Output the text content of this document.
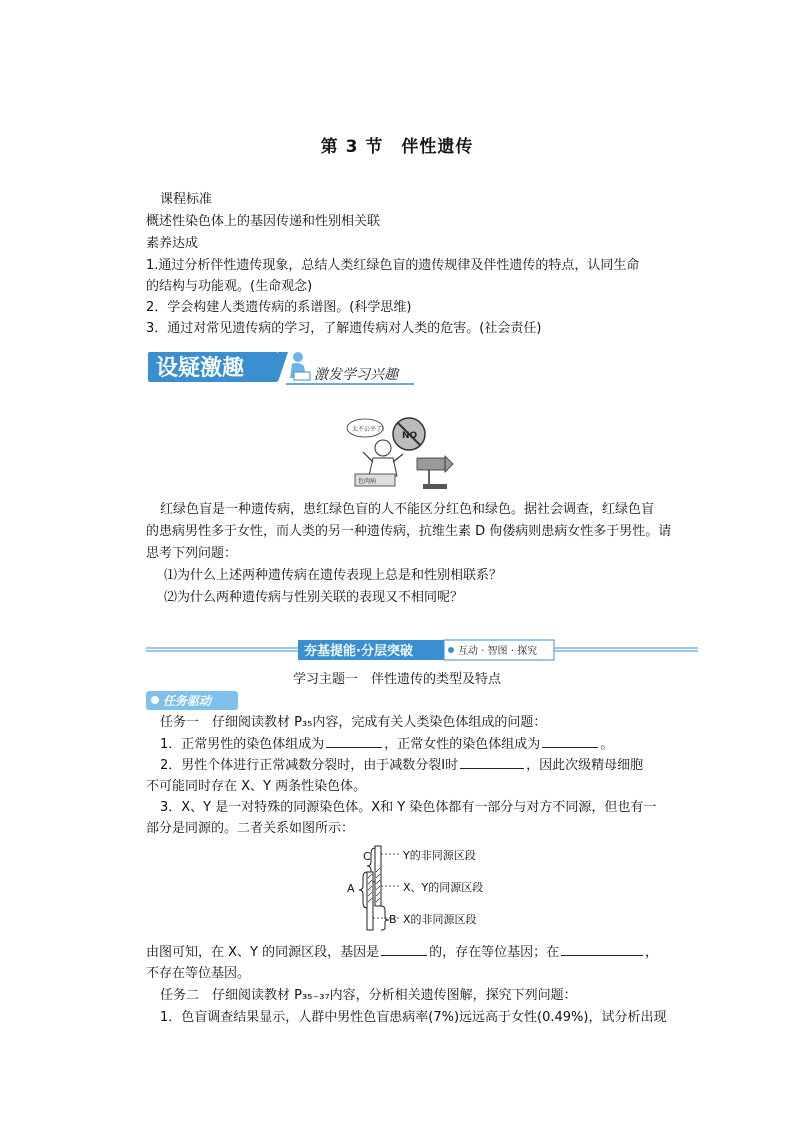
第 3 节　伴性遗传
课程标准
概述性染色体上的基因传递和性别相关联
素养达成
1.通过分析伴性遗传现象，总结人类红绿色盲的遗传规律及伴性遗传的特点，认同生命
的结构与功能观。(生命观念)
2．学会构建人类遗传病的系谱图。(科学思维)
3．通过对常见遗传病的学习，了解遗传病对人类的危害。(社会责任)
设疑激趣	激发学习兴趣
太不公平了!
NO
色肉病
红绿色盲是一种遗传病，患红绿色盲的人不能区分红色和绿色。据社会调查，红绿色盲
的患病男性多于女性，而人类的另一种遗传病，抗维生素 D 佝偻病则患病女性多于男性。请
思考下列问题：
⑴为什么上述两种遗传病在遗传表现上总是和性别相联系？
⑵为什么两种遗传病与性别关联的表现又不相同呢？
夯基提能·分层突破	互动 · 智图 · 探究
学习主题一　伴性遗传的类型及特点
任务驱动
任务一　仔细阅读教材 P₃₅内容，完成有关人类染色体组成的问题：
1．正常男性的染色体组成为	，正常女性的染色体组成为	。
2．男性个体进行正常减数分裂时，由于减数分裂Ⅰ时	，因此次级精母细胞
不可能同时存在 X、Y 两条性染色体。
3．X、Y 是一对特殊的同源染色体。X和 Y 染色体都有一部分与对方不同源，但也有一
部分是同源的。二者关系如图所示：
C
A
B
Y的非同源区段
X、Y的同源区段
X的非同源区段
由图可知，在 X、Y 的同源区段，基因是	的，存在等位基因；在	，
不存在等位基因。
任务二　仔细阅读教材 P₃₅₋₃₇内容，分析相关遗传图解，探究下列问题：
1．色盲调查结果显示，人群中男性色盲患病率(7%)远远高于女性(0.49%)，试分析出现
